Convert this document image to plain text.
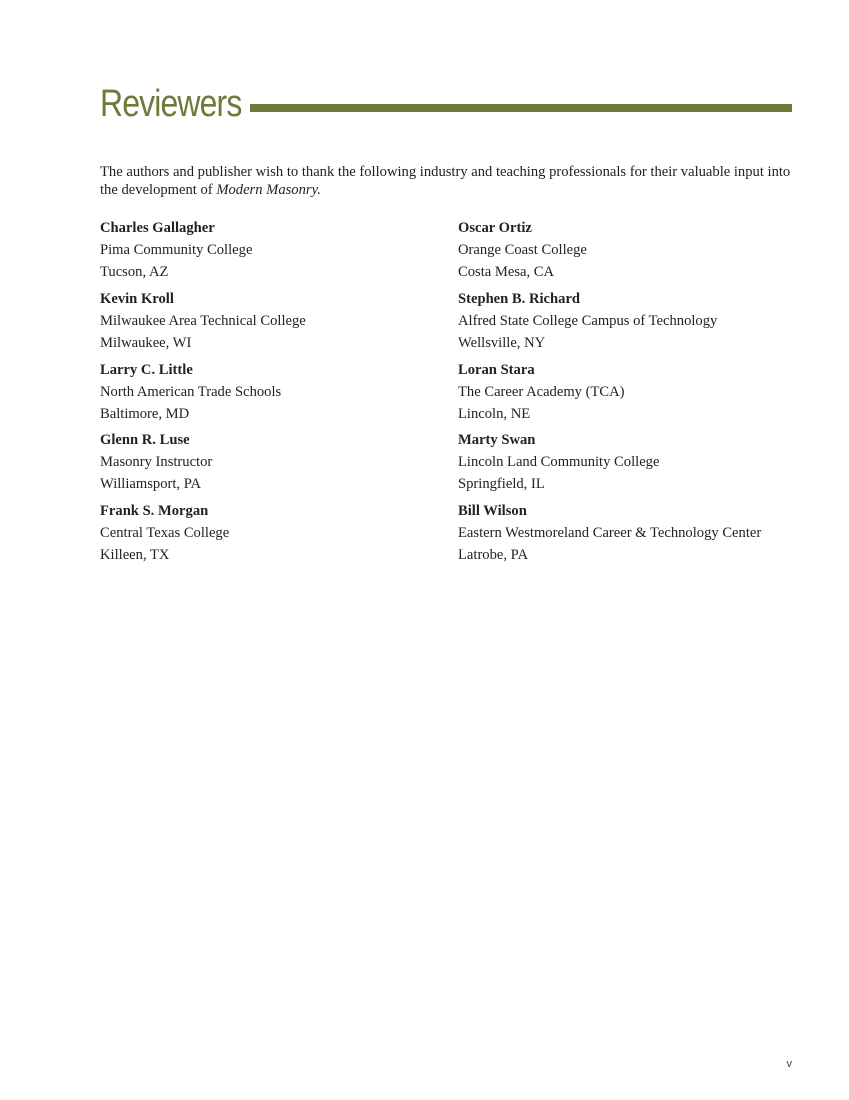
Reviewers

The authors and publisher wish to thank the following industry and teaching professionals for their valuable input into the development of Modern Masonry.

Charles Gallagher
Pima Community College
Tucson, AZ
Kevin Kroll
Milwaukee Area Technical College
Milwaukee, WI
Larry C. Little
North American Trade Schools
Baltimore, MD
Glenn R. Luse
Masonry Instructor
Williamsport, PA
Frank S. Morgan
Central Texas College
Killeen, TX
Oscar Ortiz
Orange Coast College
Costa Mesa, CA
Stephen B. Richard
Alfred State College Campus of Technology
Wellsville, NY
Loran Stara
The Career Academy (TCA)
Lincoln, NE
Marty Swan
Lincoln Land Community College
Springfield, IL
Bill Wilson
Eastern Westmoreland Career & Technology Center
Latrobe, PA
v
